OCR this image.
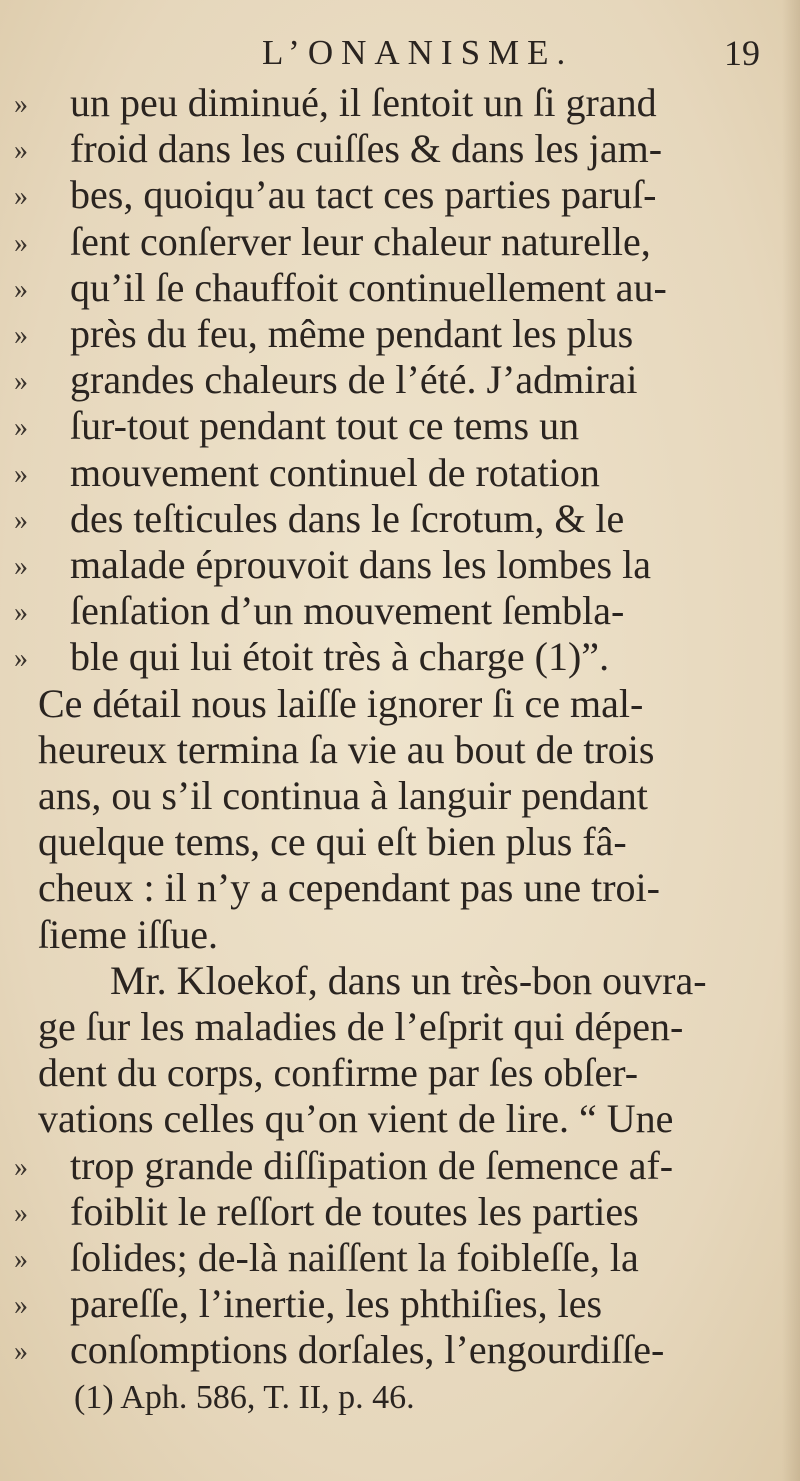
L’ONANISME.	19
» un peu diminué, il ſentoit un ſi grand
» froid dans les cuiſſes & dans les jam-
» bes, quoiqu’au tact ces parties paruſ-
» ſent conſerver leur chaleur naturelle,
» qu’il ſe chauffoit continuellement au-
» près du feu, même pendant les plus
» grandes chaleurs de l’été. J’admirai
» ſur-tout pendant tout ce tems un
» mouvement continuel de rotation
» des teſticules dans le ſcrotum, & le
» malade éprouvoit dans les lombes la
» ſenſation d’un mouvement ſembla-
» ble qui lui étoit très à charge (1)”.
Ce détail nous laiſſe ignorer ſi ce mal-
heureux termina ſa vie au bout de trois
ans, ou s’il continua à languir pendant
quelque tems, ce qui eſt bien plus fâ-
cheux : il n’y a cependant pas une troi-
ſieme iſſue.
Mr. Kloekof, dans un très-bon ouvra-
ge ſur les maladies de l’eſprit qui dépen-
dent du corps, confirme par ſes obſer-
vations celles qu’on vient de lire. “ Une
» trop grande diſſipation de ſemence af-
» foiblit le reſſort de toutes les parties
» ſolides; de-là naiſſent la foibleſſe, la
» pareſſe, l’inertie, les phthiſies, les
» conſomptions dorſales, l’engourdiſſe-
(1) Aph. 586, T. II, p. 46.
